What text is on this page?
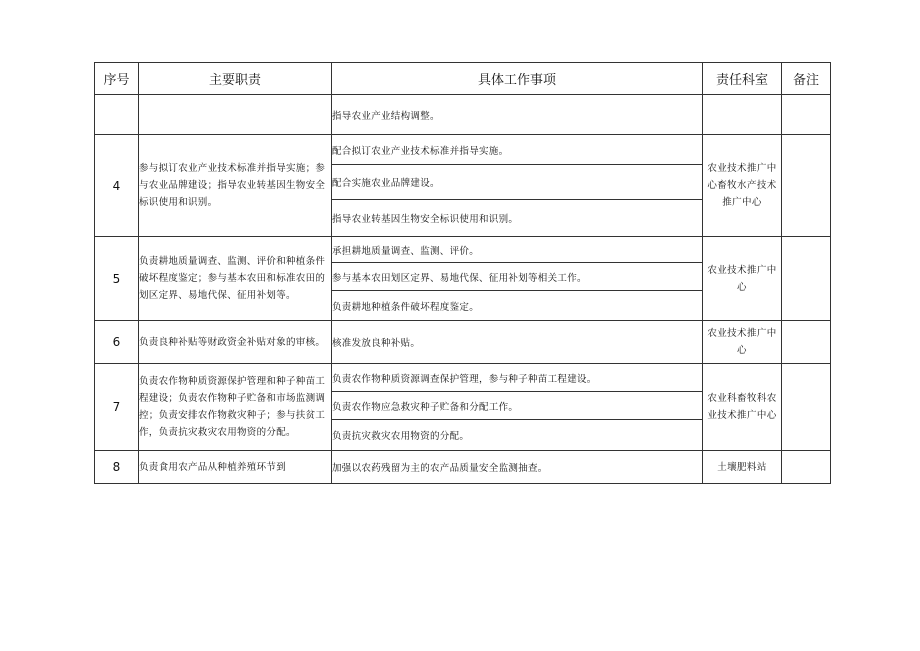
序号	主要职责	具体工作事项	责任科室	备注
		指导农业产业结构调整。		
4	参与拟订农业产业技术标准并指导实施；参与农业品牌建设；指导农业转基因生物安全标识使用和识别。	配合拟订农业产业技术标准并指导实施。	农业技术推广中心畜牧水产技术推广中心	
		配合实施农业品牌建设。		
		指导农业转基因生物安全标识使用和识别。		
5	负责耕地质量调查、监测、评价和种植条件破坏程度鉴定；参与基本农田和标准农田的划区定界、易地代保、征用补划等。	承担耕地质量调查、监测、评价。	农业技术推广中心	
		参与基本农田划区定界、易地代保、征用补划等相关工作。		
		负责耕地种植条件破坏程度鉴定。		
6	负责良种补贴等财政资金补贴对象的审核。	核准发放良种补贴。	农业技术推广中心	
7	负责农作物种质资源保护管理和种子种苗工程建设；负责农作物种子贮备和市场监测调控；负责安排农作物救灾种子；参与扶贫工作，负责抗灾救灾农用物资的分配。	负责农作物种质资源调查保护管理，参与种子种苗工程建设。	农业科畜牧科农业技术推广中心	
		负责农作物应急救灾种子贮备和分配工作。		
		负责抗灾救灾农用物资的分配。		
8	负责食用农产品从种植养殖环节到	加强以农药残留为主的农产品质量安全监测抽查。	土壤肥料站	
